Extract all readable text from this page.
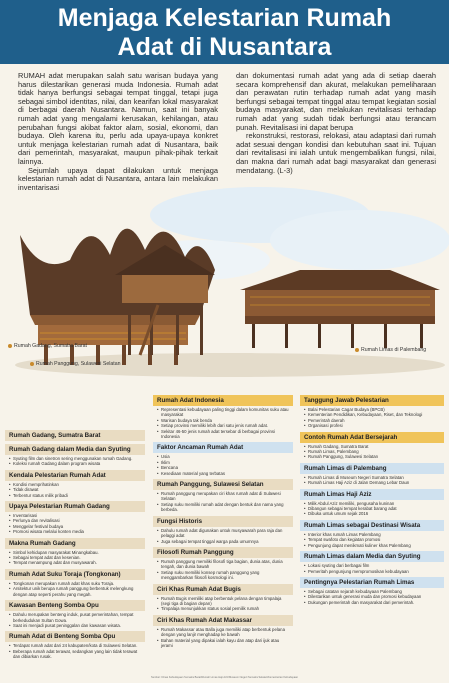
Menjaga Kelestarian Rumah
Adat di Nusantara

RUMAH adat merupakan salah satu warisan budaya yang harus dilestarikan generasi muda Indonesia. Rumah adat tidak hanya berfungsi sebagai tempat tinggal, tetapi juga sebagai simbol identitas, nilai, dan kearifan lokal masyarakat di berbagai daerah Nusantara. Namun, saat ini banyak rumah adat yang mengalami kerusakan, kehilangan, atau perubahan fungsi akibat faktor alam, sosial, ekonomi, dan budaya. Oleh karena itu, perlu ada upaya-upaya konkret untuk menjaga kelestarian rumah adat di Nusantara, baik dari pemerintah, masyarakat, maupun pihak-pihak terkait lainnya.

Sejumlah upaya dapat dilakukan untuk menjaga kelestarian rumah adat di Nusantara, antara lain melakukan inventarisasi

dan dokumentasi rumah adat yang ada di setiap daerah secara komprehensif dan akurat, melakukan pemeliharaan dan perawatan rutin terhadap rumah adat yang masih berfungsi sebagai tempat tinggal atau tempat kegiatan sosial budaya masyarakat, dan melakukan revitalisasi terhadap rumah adat yang sudah tidak berfungsi atau terancam punah. Revitalisasi ini dapat berupa

rekonstruksi, restorasi, relokasi, atau adaptasi dari rumah adat sesuai dengan kondisi dan kebutuhan saat ini. Tujuan dari revitalisasi ini ialah untuk mengembalikan fungsi, nilai, dan makna dari rumah adat bagi masyarakat dan generasi mendatang. (L-3)

Rumah Gadang, Sumatra Barat
Rumah Panggung, Sulawesi Selatan
Rumah Limas di Palembang
Rumah Gadang, Sumatra Barat
Rumah Gadang dalam Media dan Syuting
• Syuting film dan sinetron sering menggunakan rumah Gadang.
• Koleksi rumah Gadang dalam program wisata
Kendala Pelestarian Rumah Adat
• Kondisi memprihatinkan
• Tidak dirawat
• Terbentur status milik pribadi
Upaya Pelestarian Rumah Gadang
• Inventarisasi
• Perlunya dan revitalisasi
• Menggelar festival budaya
• Promosi wisata melalui konten media
Makna Rumah Gadang
• Simbol kehidupan masyarakat Minangkabau.
• Sebagai tempat adat dan kesenian.
• Tempat menampung adat dan musyawarah.
Rumah Adat Suku Toraja (Tongkonan)
• Tongkonan merupakan rumah adat khas suku Toraja.
• Arsitektur unik berupa rumah panggung berbentuk melengkung dengan atap seperti perahu yang megah.
Kawasan Benteng Somba Opu
• Dahulu merupakan benteng induk, pusat pemerintahan, tempat berkedudukan Sultan Gowa.
• Saat ini menjadi pusat peninggalan dan kawasan wisata.
Rumah Adat di Benteng Somba Opu
• Terdapat rumah adat dari 24 kabupaten/kota di Sulawesi Selatan.
• Beberapa rumah adat terawat, sedangkan yang lain tidak terawat dan dibiarkan rusak.
Rumah Adat Indonesia
• Representasi kebudayaan paling tinggi dalam komunitas suku atau masyarakat
• Warisan budaya tak benda
• Setiap provinsi memiliki lebih dari satu jenis rumah adat.
• Sekitar 46-50 jenis rumah adat tersebar di berbagai provinsi Indonesia
Faktor Ancaman Rumah Adat
• Usia
• Iklim
• Bencana
• Kesediaan material yang terbatas
Rumah Panggung, Sulawesi Selatan
• Rumah panggung merupakan ciri khas rumah adat di Sulawesi Selatan
• Setiap suku memiliki rumah adat dengan bentuk dan nama yang berbeda.
Fungsi Historis
• Dahulu rumah adat digunakan untuk musyawarah para raja dan pelaggi adat
• Juga sebagai tempat tinggal warga pada umumnya
Filosofi Rumah Panggung
• Rumah panggung memiliki filosofi tiga bagian, dunia atas, dunia tengah, dan dunia bawah
• Setiap suku memiliki konsep rumah panggung yang menggambarkan filosofi kosmologi ini.
Ciri Khas Rumah Adat Bugis
• Rumah Bugis memiliki atap berbentuk pelana dengan timpalaja (segi tiga di bagian depan)
• Timpalaja menunjukkan status sosial pemilik rumah
Ciri Khas Rumah Adat Makassar
• Rumah Makassar atau Balla juga memiliki atap berbentuk pelana dengan yang lanjir menghadap ke bawah
• Bahan material yang dipakai ialah kayu dan atap dari ijuk atau jerami
Tanggung Jawab Pelestarian
• Balai Pelestarian Cagar Budaya (BPCB)
• Kementerian Pendidikan, Kebudayaan, Riset, dan Teknologi
• Pemerintah daerah
• Organisasi profesi
Contoh Rumah Adat Bersejarah
• Rumah Gadang, Sumatra Barat
• Rumah Limas, Palembang
• Rumah Panggung, Sulawesi Selatan
Rumah Limas di Palembang
• Rumah Limas di Museum Negeri Sumatra Selatan
• Rumah Limas Haji Aziz di Jalan Demang Lebar Daun
Rumah Limas Haji Aziz
• Milik Abdul Aziz memiliki, pengusaha kuninan
• Dibangun sebagai tempat kerabat barang adat
• Dibuka untuk umum sejak 2016
Rumah Limas sebagai Destinasi Wisata
• Interior khas rumah Limas Palembang
• Tempat swafoto dan kegiatan promosi
• Pengunjung dapat menikmati kuliner khas Palembang
Rumah Limas dalam Media dan Syuting
• Lokasi syuting dari berbagai film
• Pemeritah pengunjung mempromosikan kebudayaan
Pentingnya Pelestarian Rumah Limas
• Sebagai catatan sejarah kebudayaan Palembang
• Dilestarikan untuk generasi muda dan promosi kebudayaan
• Dukungan pemerintah dan masyarakat dari pemerintah.
Sumber: Dinas Kebudayaan Sumatra Barat/Rumah Limas Haji Aziz/Museum Negeri Sumatra Selatan/Kementerian Kebudayaan
